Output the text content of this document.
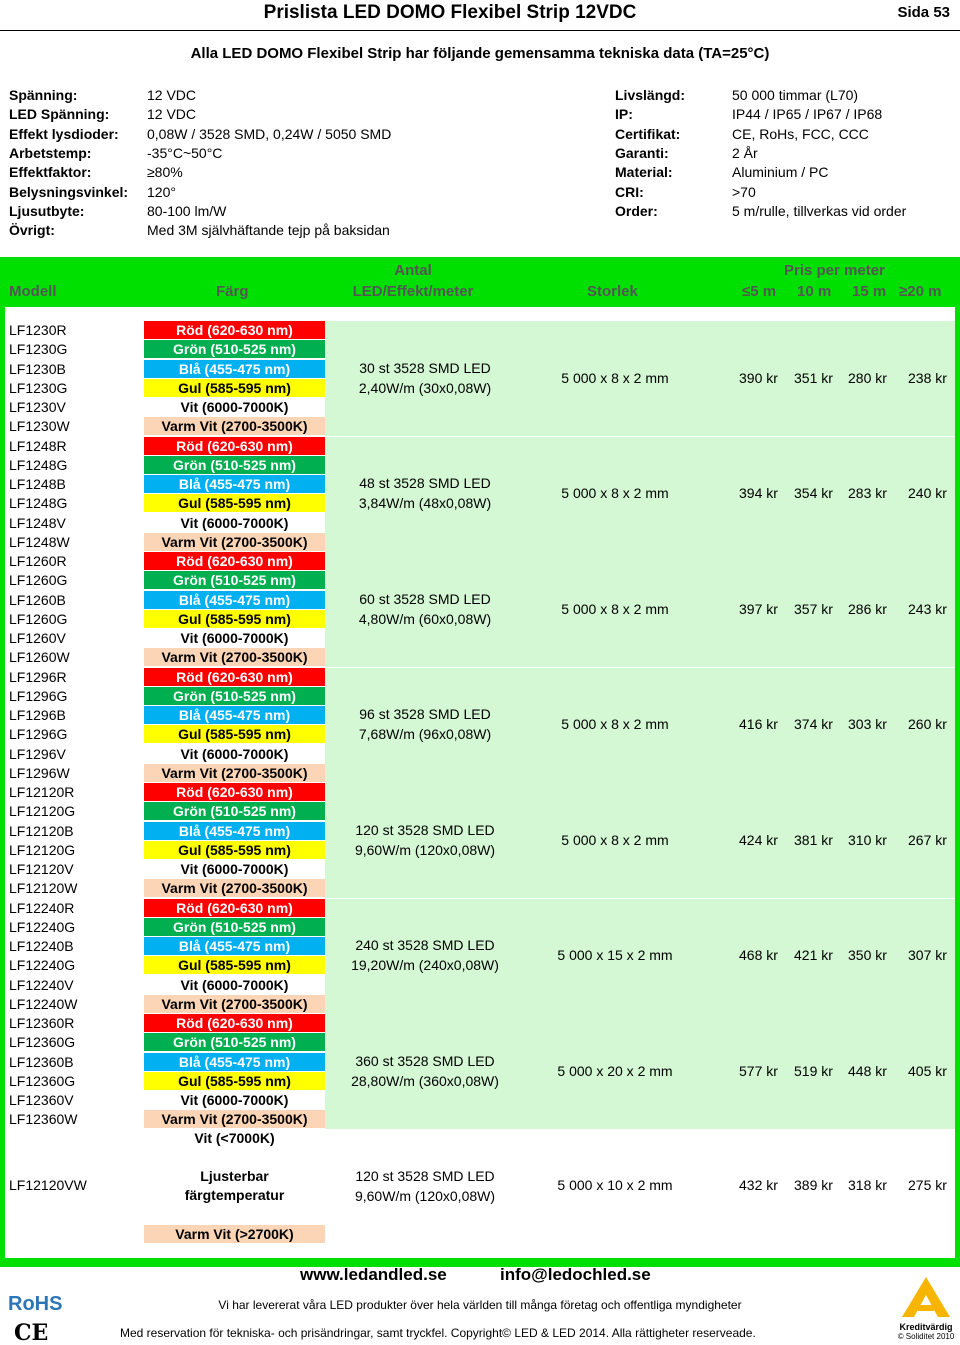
Prislista LED DOMO Flexibel Strip 12VDC	Sida 53
Alla LED DOMO Flexibel Strip har följande gemensamma tekniska data (TA=25°C)
Spänning:	12 VDC
LED Spänning:	12 VDC
Effekt lysdioder: 0,08W / 3528 SMD, 0,24W / 5050 SMD
Arbetstemp:	-35°C~50°C
Effektfaktor:	≥80%
Belysningsvinkel: 120°
Ljusutbyte:	80-100 lm/W
Övrigt:	Med 3M självhäftande tejp på baksidan
Livslängd:	50 000 timmar (L70)
IP:	IP44 / IP65 / IP67 / IP68
Certifikat:	CE, RoHs, FCC, CCC
Garanti:	2 År
Material:	Aluminium / PC
CRI:	>70
Order:	5 m/rulle, tillverkas vid order
Modell	Färg
Antal
LED/Effekt/meter	Storlek
Pris per meter
≤5 m 10 m 15 m ≥20 m
LF1230R	Röd (620-630 nm)
LF1230G	Grön (510-525 nm)
LF1230B	Blå (455-475 nm)
LF1230G	Gul (585-595 nm)
LF1230V	Vit (6000-7000K)
LF1230W	Varm Vit (2700-3500K)
30 st 3528 SMD LED
2,40W/m (30x0,08W)
5 000 x 8 x 2 mm	390 kr 351 kr 280 kr 238 kr
LF1248R	Röd (620-630 nm)
LF1248G	Grön (510-525 nm)
LF1248B	Blå (455-475 nm)
LF1248G	Gul (585-595 nm)
LF1248V	Vit (6000-7000K)
LF1248W	Varm Vit (2700-3500K)
48 st 3528 SMD LED
3,84W/m (48x0,08W)
5 000 x 8 x 2 mm	394 kr 354 kr 283 kr 240 kr
LF1260R	Röd (620-630 nm)
LF1260G	Grön (510-525 nm)
LF1260B	Blå (455-475 nm)
LF1260G	Gul (585-595 nm)
LF1260V	Vit (6000-7000K)
LF1260W	Varm Vit (2700-3500K)
60 st 3528 SMD LED
4,80W/m (60x0,08W)
5 000 x 8 x 2 mm	397 kr 357 kr 286 kr 243 kr
LF1296R	Röd (620-630 nm)
LF1296G	Grön (510-525 nm)
LF1296B	Blå (455-475 nm)
LF1296G	Gul (585-595 nm)
LF1296V	Vit (6000-7000K)
LF1296W	Varm Vit (2700-3500K)
96 st 3528 SMD LED
7,68W/m (96x0,08W)
5 000 x 8 x 2 mm	416 kr 374 kr 303 kr 260 kr
LF12120R	Röd (620-630 nm)
LF12120G	Grön (510-525 nm)
LF12120B	Blå (455-475 nm)
LF12120G	Gul (585-595 nm)
LF12120V	Vit (6000-7000K)
LF12120W	Varm Vit (2700-3500K)
120 st 3528 SMD LED
9,60W/m (120x0,08W)
5 000 x 8 x 2 mm	424 kr 381 kr 310 kr 267 kr
LF12240R	Röd (620-630 nm)
LF12240G	Grön (510-525 nm)
LF12240B	Blå (455-475 nm)
LF12240G	Gul (585-595 nm)
LF12240V	Vit (6000-7000K)
LF12240W	Varm Vit (2700-3500K)
240 st 3528 SMD LED
19,20W/m (240x0,08W)
5 000 x 15 x 2 mm	468 kr 421 kr 350 kr 307 kr
LF12360R	Röd (620-630 nm)
LF12360G	Grön (510-525 nm)
LF12360B	Blå (455-475 nm)
LF12360G	Gul (585-595 nm)
LF12360V	Vit (6000-7000K)
LF12360W	Varm Vit (2700-3500K)
360 st 3528 SMD LED
28,80W/m (360x0,08W)
5 000 x 20 x 2 mm	577 kr 519 kr 448 kr 405 kr
Vit (<7000K)
LF12120VW
Ljusterbar
färgtemperatur
Varm Vit (>2700K)
120 st 3528 SMD LED
9,60W/m (120x0,08W)
5 000 x 10 x 2 mm	432 kr 389 kr 318 kr 275 kr
www.ledandled.se	info@ledochled.se
Vi har levererat våra LED produkter över hela världen till många företag och offentliga myndigheter
Med reservation för tekniska- och prisändringar, samt tryckfel. Copyright© LED & LED 2014. Alla rättigheter reserveade.
RoHS
CE	Kreditvärdig
© Soliditet 2010
